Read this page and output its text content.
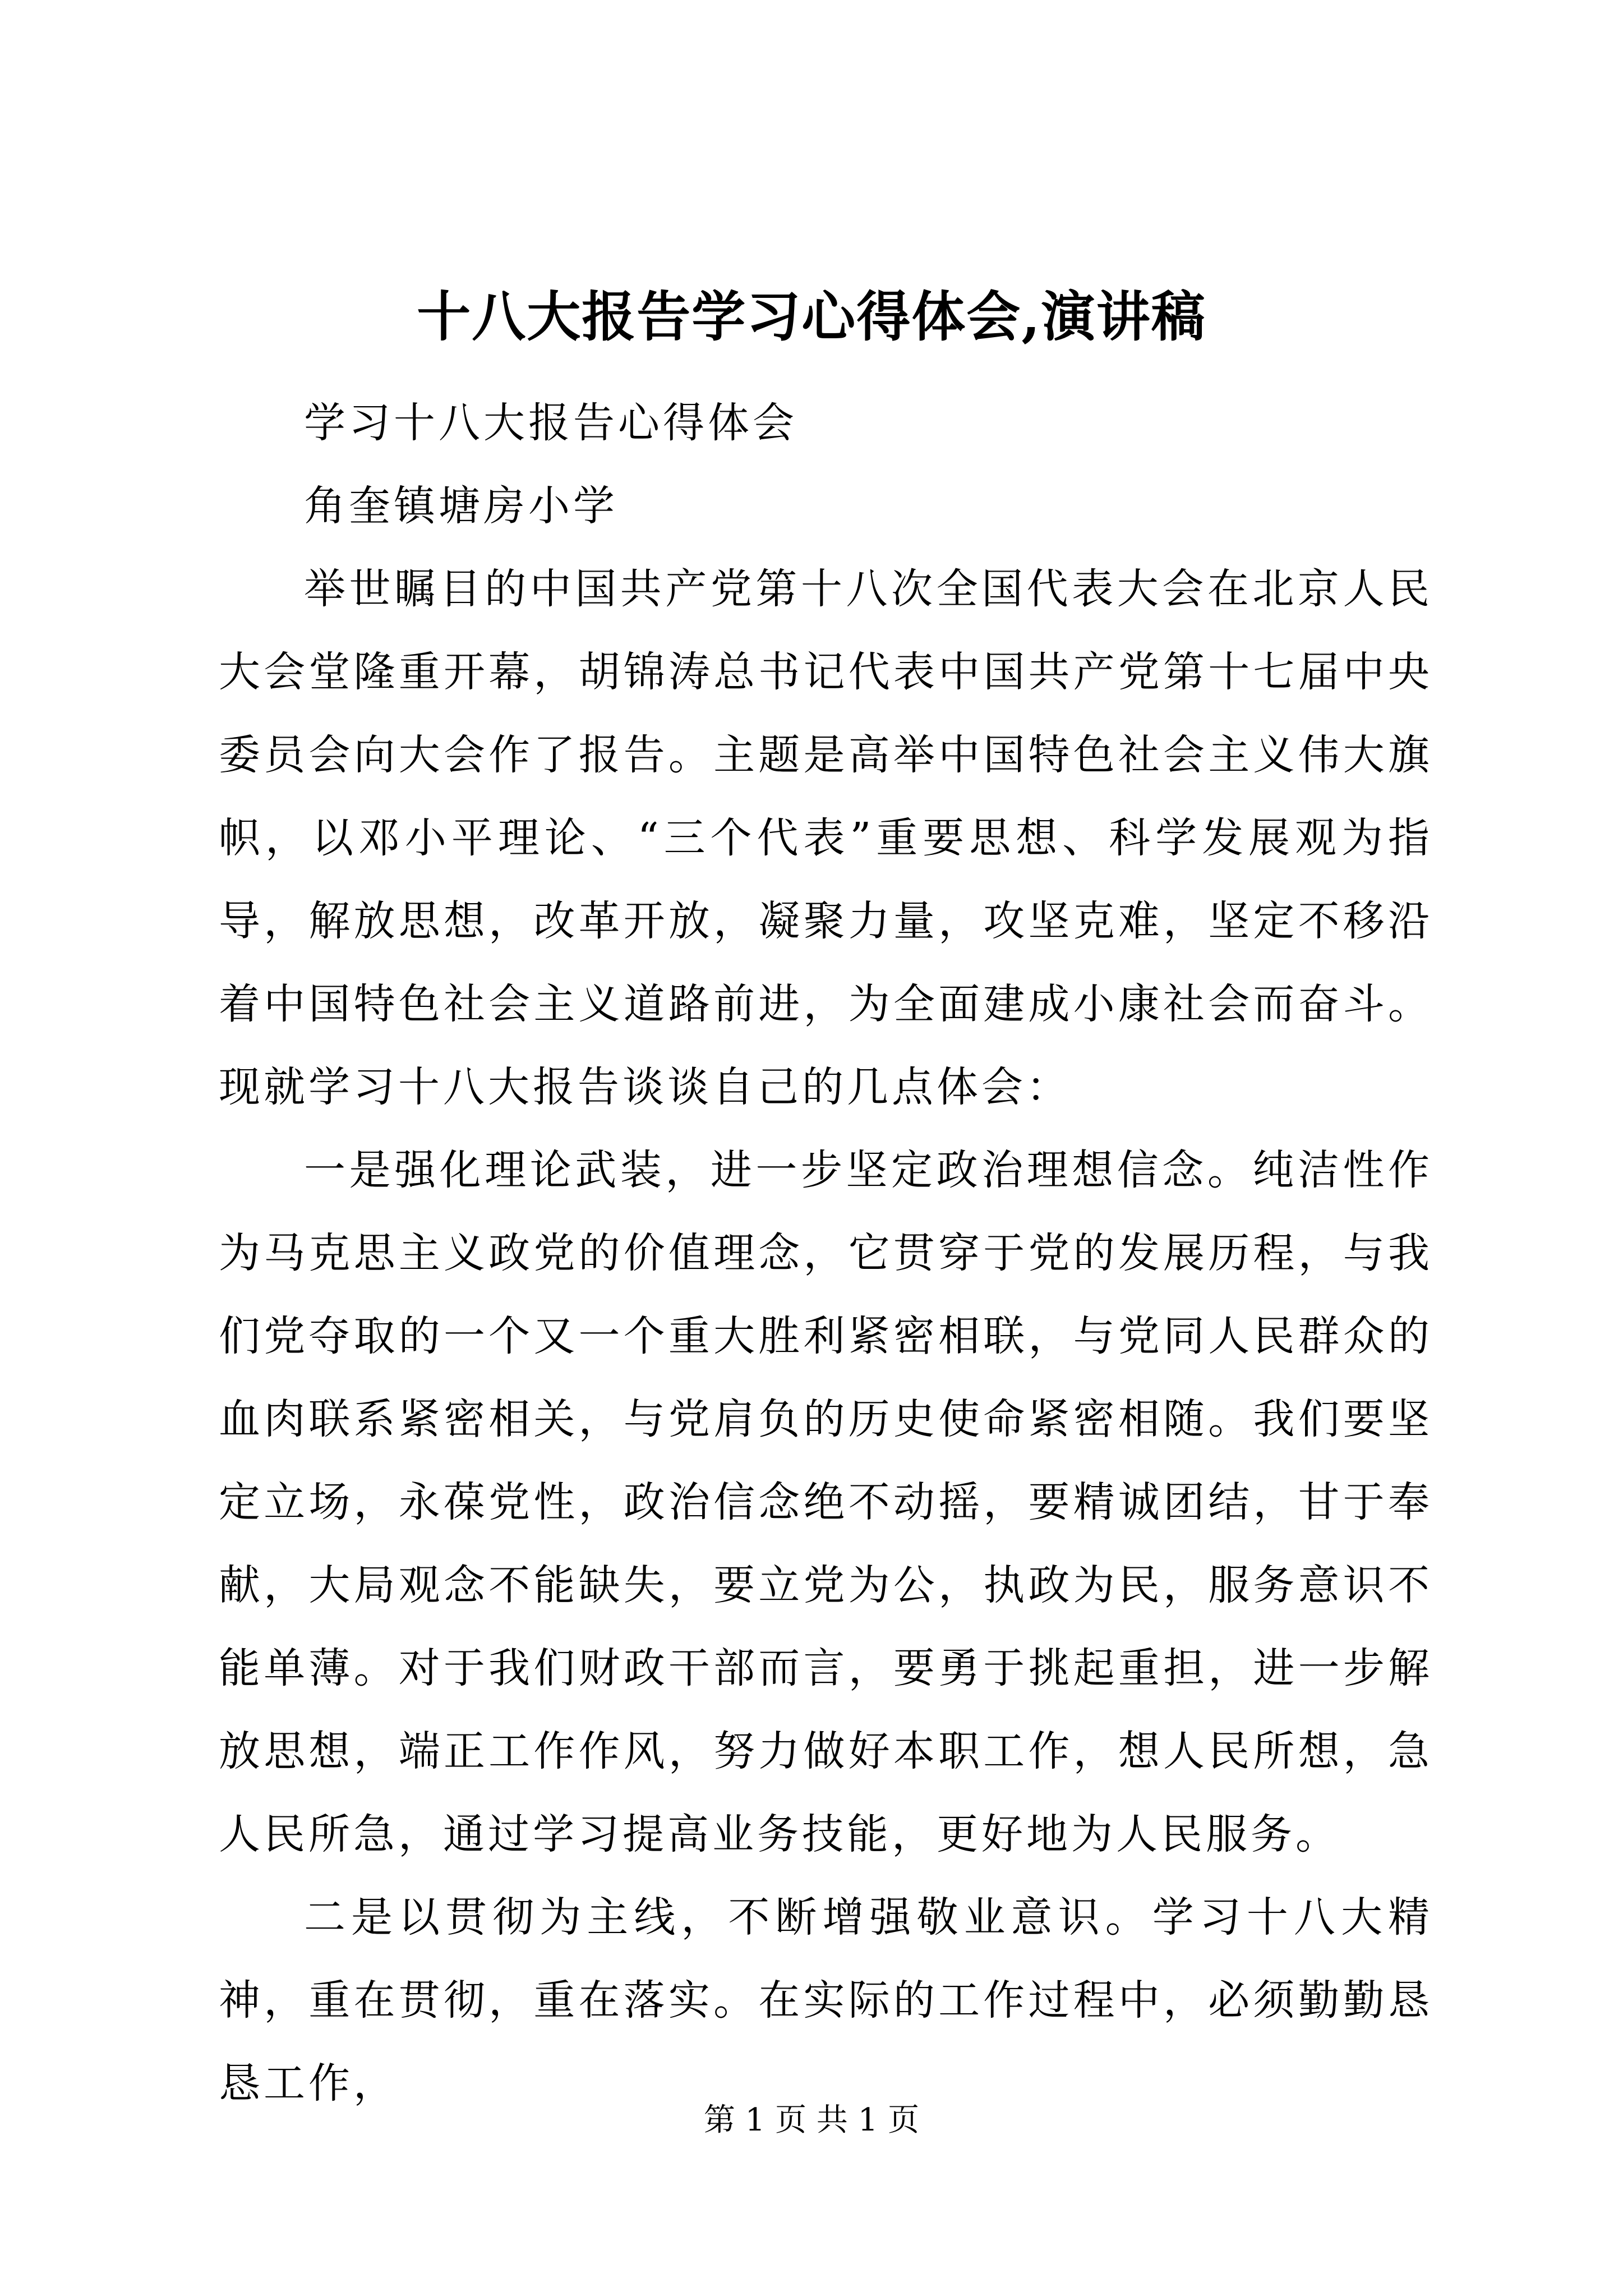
十八大报告学习心得体会,演讲稿

学习十八大报告心得体会

角奎镇塘房小学

举世瞩目的中国共产党第十八次全国代表大会在北京人民大会堂隆重开幕，胡锦涛总书记代表中国共产党第十七届中央委员会向大会作了报告。主题是高举中国特色社会主义伟大旗帜，以邓小平理论、“三个代表”重要思想、科学发展观为指导，解放思想，改革开放，凝聚力量，攻坚克难，坚定不移沿着中国特色社会主义道路前进，为全面建成小康社会而奋斗。现就学习十八大报告谈谈自己的几点体会：

一是强化理论武装，进一步坚定政治理想信念。纯洁性作为马克思主义政党的价值理念，它贯穿于党的发展历程，与我们党夺取的一个又一个重大胜利紧密相联，与党同人民群众的血肉联系紧密相关，与党肩负的历史使命紧密相随。我们要坚定立场，永葆党性，政治信念绝不动摇，要精诚团结，甘于奉献，大局观念不能缺失，要立党为公，执政为民，服务意识不能单薄。对于我们财政干部而言，要勇于挑起重担，进一步解放思想，端正工作作风，努力做好本职工作，想人民所想，急人民所急，通过学习提高业务技能，更好地为人民服务。

二是以贯彻为主线，不断增强敬业意识。学习十八大精神，重在贯彻，重在落实。在实际的工作过程中，必须勤勤恳恳工作，

第 1 页 共 1 页
